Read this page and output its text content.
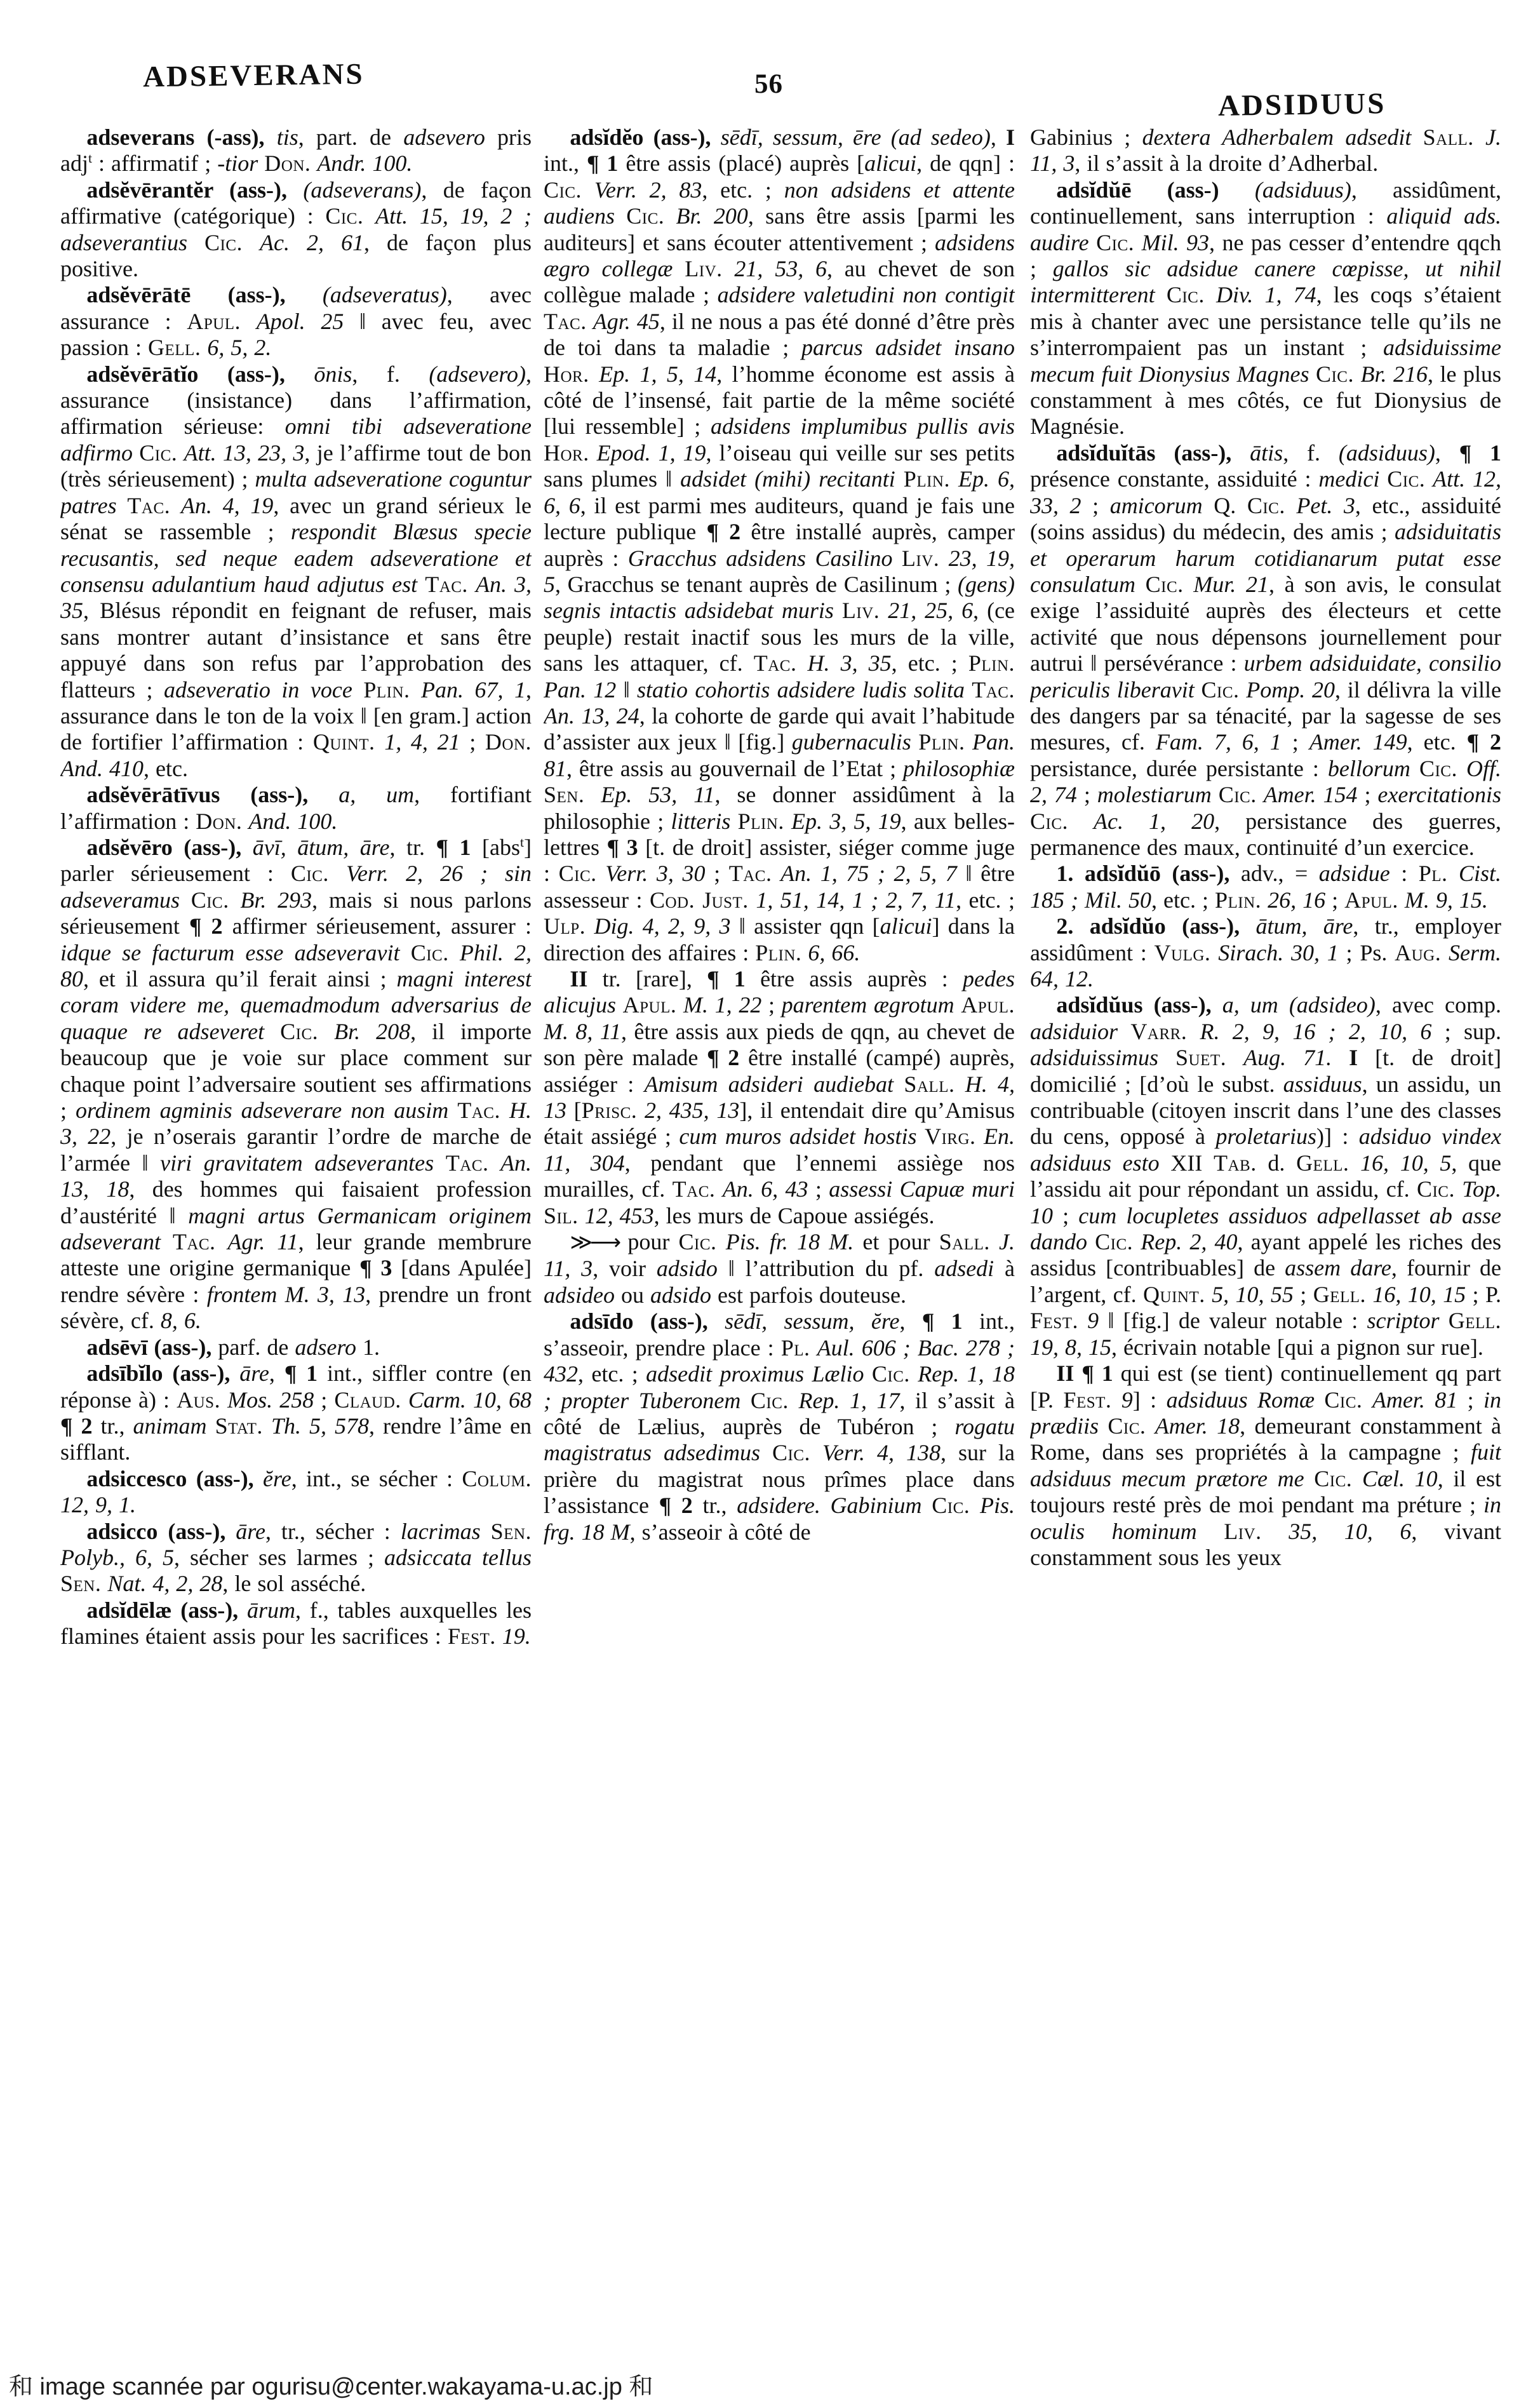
ADSEVERANS	56
ADSIDUUS

adseverans (-ass), tis, part. de adsevero pris adj$^t$ : affirmatif ; -tior Don. Andr. 100.

adsĕvērantĕr (ass-), (adseverans), de façon affirmative (catégorique) : Cic. Att. 15, 19, 2 ; adseverantius Cic. Ac. 2, 61, de façon plus positive.

adsĕvērātē (ass-), (adseveratus), avec assurance : Apul. Apol. 25 ‖ avec feu, avec passion : Gell. 6, 5, 2.

adsĕvērātĭo (ass-), ōnis, f. (adsevero), assurance (insistance) dans l’affirmation, affirmation sérieuse: omni tibi adseveratione adfirmo Cic. Att. 13, 23, 3, je l’affirme tout de bon (très sérieusement) ; multa adseveratione coguntur patres Tac. An. 4, 19, avec un grand sérieux le sénat se rassemble ; respondit Blæsus specie recusantis, sed neque eadem adseveratione et consensu adulantium haud adjutus est Tac. An. 3, 35, Blésus répondit en feignant de refuser, mais sans montrer autant d’insistance et sans être appuyé dans son refus par l’approbation des flatteurs ; adseveratio in voce Plin. Pan. 67, 1, assurance dans le ton de la voix ‖ [en gram.] action de fortifier l’affirmation : Quint. 1, 4, 21 ; Don. And. 410, etc.

adsĕvērātīvus (ass-), a, um, fortifiant l’affirmation : Don. And. 100.

adsĕvēro (ass-), āvī, ātum, āre, tr. ¶ 1 [abs$^t$] parler sérieusement : Cic. Verr. 2, 26 ; sin adseveramus Cic. Br. 293, mais si nous parlons sérieusement ¶ 2 affirmer sérieusement, assurer : idque se facturum esse adseveravit Cic. Phil. 2, 80, et il assura qu’il ferait ainsi ; magni interest coram videre me, quemadmodum adversarius de quaque re adseveret Cic. Br. 208, il importe beaucoup que je voie sur place comment sur chaque point l’adversaire soutient ses affirmations ; ordinem agminis adseverare non ausim Tac. H. 3, 22, je n’oserais garantir l’ordre de marche de l’armée ‖ viri gravitatem adseverantes Tac. An. 13, 18, des hommes qui faisaient profession d’austérité ‖ magni artus Germanicam originem adseverant Tac. Agr. 11, leur grande membrure atteste une origine germanique ¶ 3 [dans Apulée] rendre sévère : frontem M. 3, 13, prendre un front sévère, cf. 8, 6.

adsēvī (ass-), parf. de adsero 1.

adsībĭlo (ass-), āre, ¶ 1 int., siffler contre (en réponse à) : Aus. Mos. 258 ; Claud. Carm. 10, 68 ¶ 2 tr., animam Stat. Th. 5, 578, rendre l’âme en sifflant.

adsiccesco (ass-), ĕre, int., se sécher : Colum. 12, 9, 1.

adsicco (ass-), āre, tr., sécher : lacrimas Sen. Polyb., 6, 5, sécher ses larmes ; adsiccata tellus Sen. Nat. 4, 2, 28, le sol asséché.

adsĭdēlæ (ass-), ārum, f., tables auxquelles les flamines étaient assis pour les sacrifices : Fest. 19.

adsĭdĕo (ass-), sēdī, sessum, ēre (ad sedeo), I int., ¶ 1 être assis (placé) auprès [alicui, de qqn] : Cic. Verr. 2, 83, etc. ; non adsidens et attente audiens Cic. Br. 200, sans être assis [parmi les auditeurs] et sans écouter attentivement ; adsidens ægro collegæ Liv. 21, 53, 6, au chevet de son collègue malade ; adsidere valetudini non contigit Tac. Agr. 45, il ne nous a pas été donné d’être près de toi dans ta maladie ; parcus adsidet insano Hor. Ep. 1, 5, 14, l’homme économe est assis à côté de l’insensé, fait partie de la même société [lui ressemble] ; adsidens implumibus pullis avis Hor. Epod. 1, 19, l’oiseau qui veille sur ses petits sans plumes ‖ adsidet (mihi) recitanti Plin. Ep. 6, 6, 6, il est parmi mes auditeurs, quand je fais une lecture publique ¶ 2 être installé auprès, camper auprès : Gracchus adsidens Casilino Liv. 23, 19, 5, Gracchus se tenant auprès de Casilinum ; (gens) segnis intactis adsidebat muris Liv. 21, 25, 6, (ce peuple) restait inactif sous les murs de la ville, sans les attaquer, cf. Tac. H. 3, 35, etc. ; Plin. Pan. 12 ‖ statio cohortis adsidere ludis solita Tac. An. 13, 24, la cohorte de garde qui avait l’habitude d’assister aux jeux ‖ [fig.] gubernaculis Plin. Pan. 81, être assis au gouvernail de l’Etat ; philosophiæ Sen. Ep. 53, 11, se donner assidûment à la philosophie ; litteris Plin. Ep. 3, 5, 19, aux belles-lettres ¶ 3 [t. de droit] assister, siéger comme juge : Cic. Verr. 3, 30 ; Tac. An. 1, 75 ; 2, 5, 7 ‖ être assesseur : Cod. Just. 1, 51, 14, 1 ; 2, 7, 11, etc. ; Ulp. Dig. 4, 2, 9, 3 ‖ assister qqn [alicui] dans la direction des affaires : Plin. 6, 66.

II tr. [rare], ¶ 1 être assis auprès : pedes alicujus Apul. M. 1, 22 ; parentem ægrotum Apul. M. 8, 11, être assis aux pieds de qqn, au chevet de son père malade ¶ 2 être installé (campé) auprès, assiéger : Amisum adsideri audiebat Sall. H. 4, 13 [Prisc. 2, 435, 13], il entendait dire qu’Amisus était assiégé ; cum muros adsidet hostis Virg. En. 11, 304, pendant que l’ennemi assiège nos murailles, cf. Tac. An. 6, 43 ; assessi Capuæ muri Sil. 12, 453, les murs de Capoue assiégés.

≫⟶ pour Cic. Pis. fr. 18 M. et pour Sall. J. 11, 3, voir adsido ‖ l’attribution du pf. adsedi à adsideo ou adsido est parfois douteuse.

adsīdo (ass-), sēdī, sessum, ĕre, ¶ 1 int., s’asseoir, prendre place : Pl. Aul. 606 ; Bac. 278 ; 432, etc. ; adsedit proximus Lælio Cic. Rep. 1, 18 ; propter Tuberonem Cic. Rep. 1, 17, il s’assit à côté de Lælius, auprès de Tubéron ; rogatu magistratus adsedimus Cic. Verr. 4, 138, sur la prière du magistrat nous prîmes place dans l’assistance ¶ 2 tr., adsidere. Gabinium Cic. Pis. frg. 18 M, s’asseoir à côté de

Gabinius ; dextera Adherbalem adsedit Sall. J. 11, 3, il s’assit à la droite d’Adherbal.

adsĭdŭē (ass-) (adsiduus), assidûment, continuellement, sans interruption : aliquid ads. audire Cic. Mil. 93, ne pas cesser d’entendre qqch ; gallos sic adsidue canere cœpisse, ut nihil intermitterent Cic. Div. 1, 74, les coqs s’étaient mis à chanter avec une persistance telle qu’ils ne s’interrompaient pas un instant ; adsiduissime mecum fuit Dionysius Magnes Cic. Br. 216, le plus constamment à mes côtés, ce fut Dionysius de Magnésie.

adsĭduĭtās (ass-), ātis, f. (adsiduus), ¶ 1 présence constante, assiduité : medici Cic. Att. 12, 33, 2 ; amicorum Q. Cic. Pet. 3, etc., assiduité (soins assidus) du médecin, des amis ; adsiduitatis et operarum harum cotidianarum putat esse consulatum Cic. Mur. 21, à son avis, le consulat exige l’assiduité auprès des électeurs et cette activité que nous dépensons journellement pour autrui ‖ persévérance : urbem adsiduidate, consilio periculis liberavit Cic. Pomp. 20, il délivra la ville des dangers par sa ténacité, par la sagesse de ses mesures, cf. Fam. 7, 6, 1 ; Amer. 149, etc. ¶ 2 persistance, durée persistante : bellorum Cic. Off. 2, 74 ; molestiarum Cic. Amer. 154 ; exercitationis Cic. Ac. 1, 20, persistance des guerres, permanence des maux, continuité d’un exercice.

1. adsĭdŭō (ass-), adv., = adsidue : Pl. Cist. 185 ; Mil. 50, etc. ; Plin. 26, 16 ; Apul. M. 9, 15.

2. adsĭdŭo (ass-), ātum, āre, tr., employer assidûment : Vulg. Sirach. 30, 1 ; Ps. Aug. Serm. 64, 12.

adsĭdŭus (ass-), a, um (adsideo), avec comp. adsiduior Varr. R. 2, 9, 16 ; 2, 10, 6 ; sup. adsiduissimus Suet. Aug. 71. I [t. de droit] domicilié ; [d’où le subst. assiduus, un assidu, un contribuable (citoyen inscrit dans l’une des classes du cens, opposé à proletarius)] : adsiduo vindex adsiduus esto XII Tab. d. Gell. 16, 10, 5, que l’assidu ait pour répondant un assidu, cf. Cic. Top. 10 ; cum locupletes assiduos adpellasset ab asse dando Cic. Rep. 2, 40, ayant appelé les riches des assidus [contribuables] de assem dare, fournir de l’argent, cf. Quint. 5, 10, 55 ; Gell. 16, 10, 15 ; P. Fest. 9 ‖ [fig.] de valeur notable : scriptor Gell. 19, 8, 15, écrivain notable [qui a pignon sur rue].

II ¶ 1 qui est (se tient) continuellement qq part [P. Fest. 9] : adsiduus Romæ Cic. Amer. 81 ; in prædiis Cic. Amer. 18, demeurant constamment à Rome, dans ses propriétés à la campagne ; fuit adsiduus mecum prætore me Cic. Cæl. 10, il est toujours resté près de moi pendant ma préture ; in oculis hominum Liv. 35, 10, 6, vivant constamment sous les yeux

和 image scannée par ogurisu@center.wakayama-u.ac.jp 和
